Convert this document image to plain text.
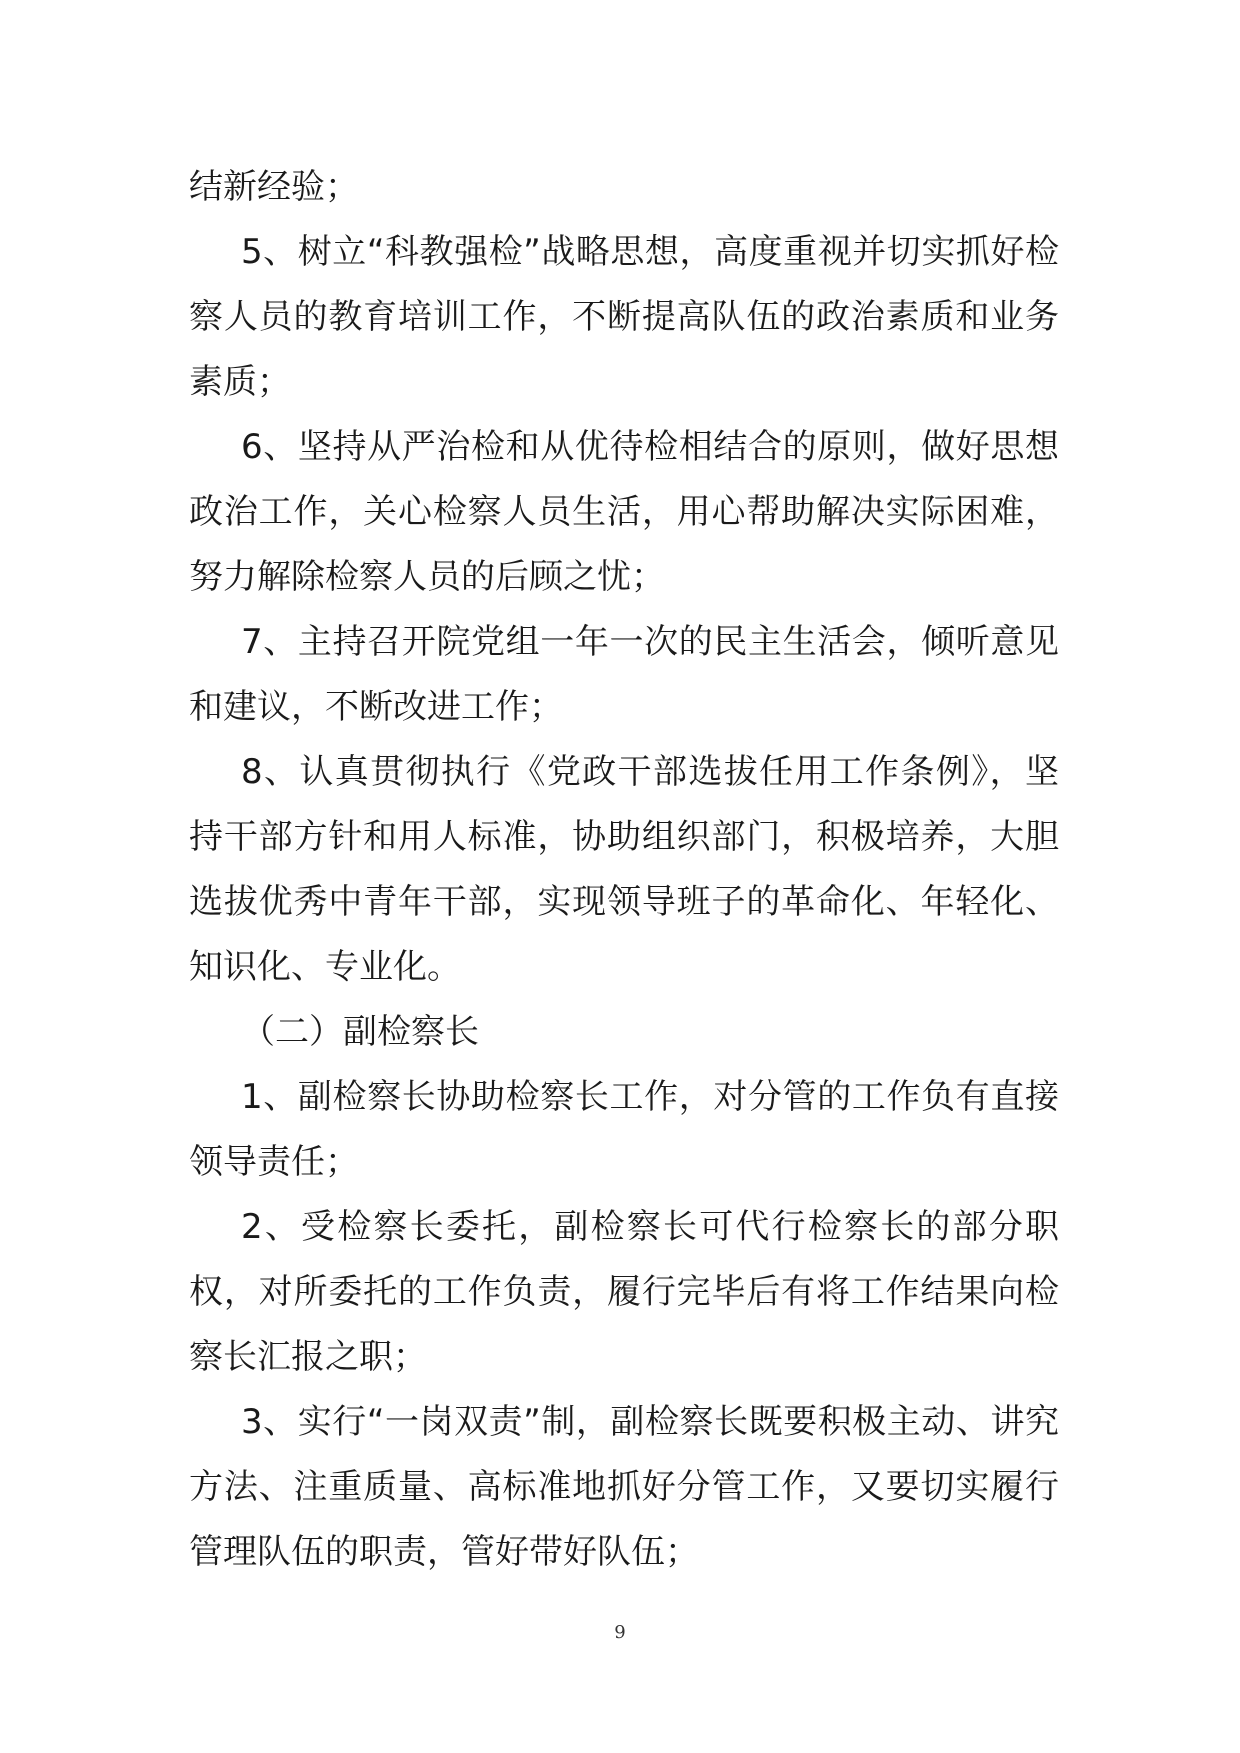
结新经验；

5、树立“科教强检”战略思想，高度重视并切实抓好检察人员的教育培训工作，不断提高队伍的政治素质和业务素质；

6、坚持从严治检和从优待检相结合的原则，做好思想政治工作，关心检察人员生活，用心帮助解决实际困难，努力解除检察人员的后顾之忧；

7、主持召开院党组一年一次的民主生活会，倾听意见和建议，不断改进工作；

8、认真贯彻执行《党政干部选拔任用工作条例》，坚持干部方针和用人标准，协助组织部门，积极培养，大胆选拔优秀中青年干部，实现领导班子的革命化、年轻化、知识化、专业化。

（二）副检察长

1、副检察长协助检察长工作，对分管的工作负有直接领导责任；

2、受检察长委托，副检察长可代行检察长的部分职权，对所委托的工作负责，履行完毕后有将工作结果向检察长汇报之职；

3、实行“一岗双责”制，副检察长既要积极主动、讲究方法、注重质量、高标准地抓好分管工作，又要切实履行管理队伍的职责，管好带好队伍；

9
